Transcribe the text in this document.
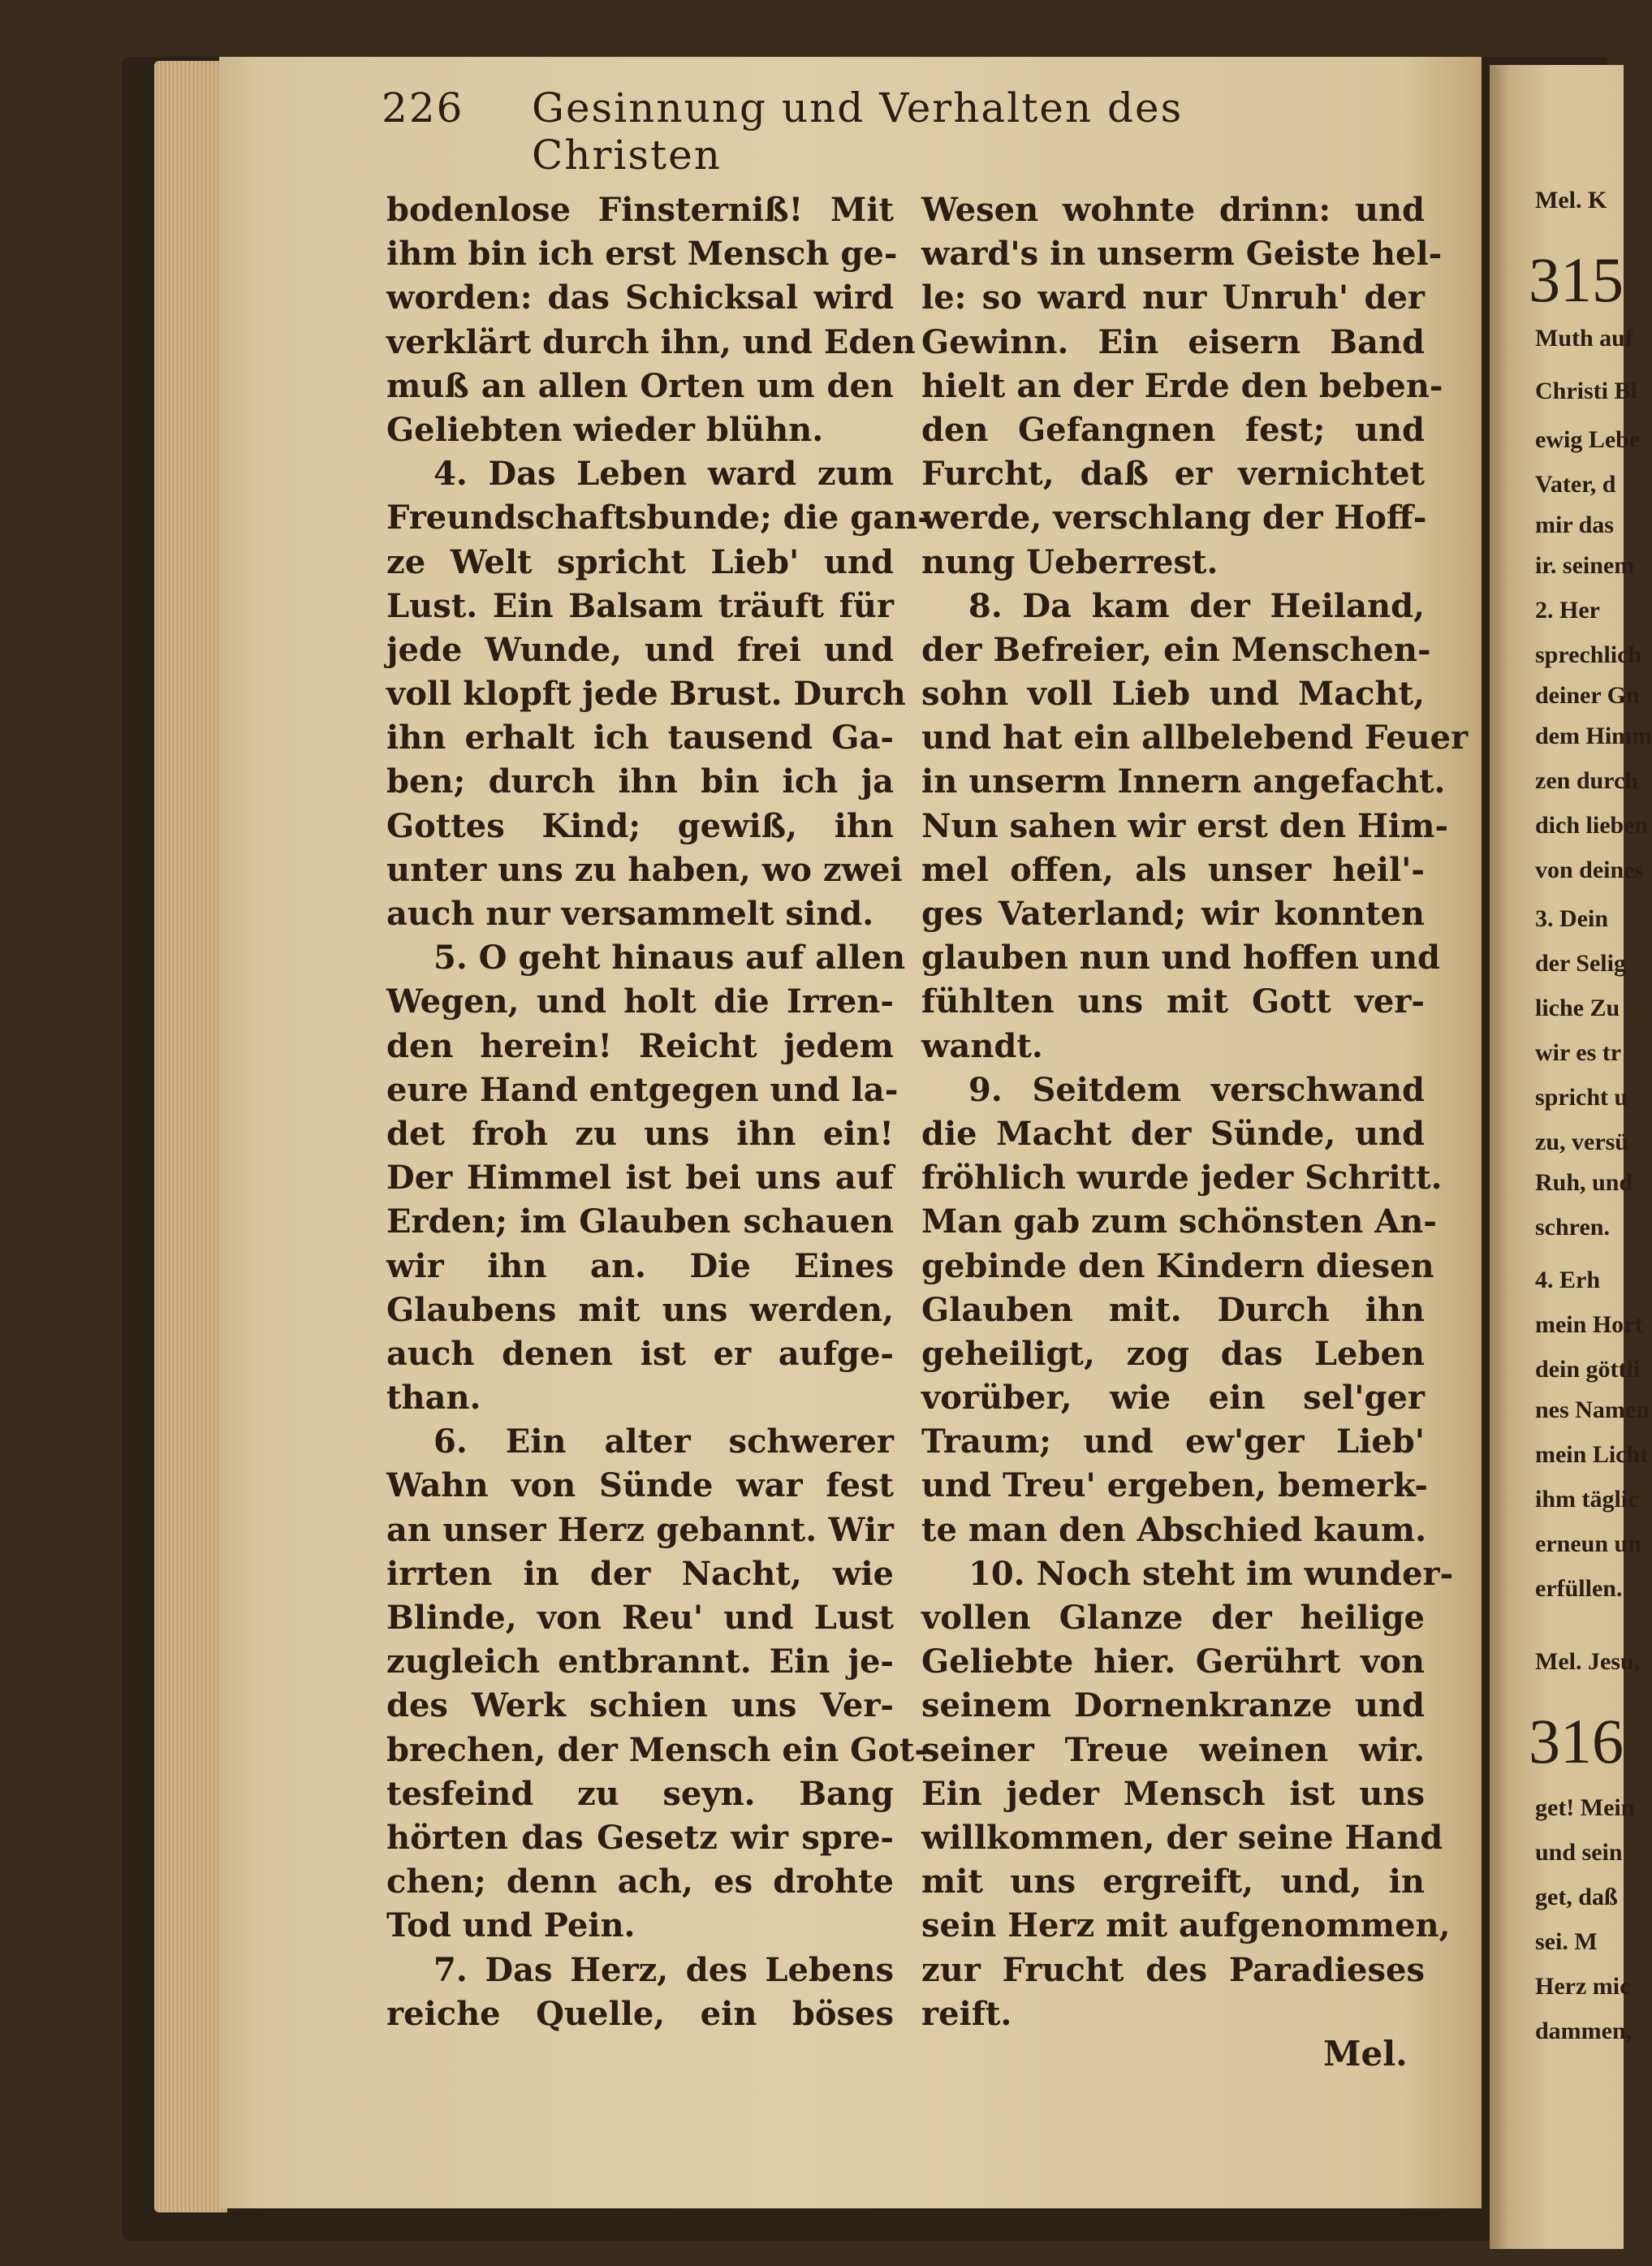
Mel. K
315
Muth auf
Christi Bl
ewig Lebe
Vater, d
mir das
ir. seinem
2. Her
sprechlich
deiner Gn
dem Himm
zen durch
dich lieben
von deines
3. Dein
der Selig
liche Zu
wir es tr
spricht u
zu, versü
Ruh, und
schren.
4. Erh
mein Hort
dein göttli
nes Namen
mein Licht
ihm täglic
erneun un
erfüllen.
Mel. Jesu,
316
get! Mein
und sein
get, daß
sei. M
Herz mic
dammen,
226 Gesinnung und Verhalten des Christen
bodenlose Finsterniß! Mit
ihm bin ich erst Mensch ge-
worden: das Schicksal wird
verklärt durch ihn, und Eden
muß an allen Orten um den
Geliebten wieder blühn.
4. Das Leben ward zum
Freundschaftsbunde; die gan-
ze Welt spricht Lieb' und
Lust. Ein Balsam träuft für
jede Wunde, und frei und
voll klopft jede Brust. Durch
ihn erhalt ich tausend Ga-
ben; durch ihn bin ich ja
Gottes Kind; gewiß, ihn
unter uns zu haben, wo zwei
auch nur versammelt sind.
5. O geht hinaus auf allen
Wegen, und holt die Irren-
den herein! Reicht jedem
eure Hand entgegen und la-
det froh zu uns ihn ein!
Der Himmel ist bei uns auf
Erden; im Glauben schauen
wir ihn an. Die Eines
Glaubens mit uns werden,
auch denen ist er aufge-
than.
6. Ein alter schwerer
Wahn von Sünde war fest
an unser Herz gebannt. Wir
irrten in der Nacht, wie
Blinde, von Reu' und Lust
zugleich entbrannt. Ein je-
des Werk schien uns Ver-
brechen, der Mensch ein Got-
tesfeind zu seyn. Bang
hörten das Gesetz wir spre-
chen; denn ach, es drohte
Tod und Pein.
7. Das Herz, des Lebens
reiche Quelle, ein böses
Wesen wohnte drinn: und
ward's in unserm Geiste hel-
le: so ward nur Unruh' der
Gewinn. Ein eisern Band
hielt an der Erde den beben-
den Gefangnen fest; und
Furcht, daß er vernichtet
werde, verschlang der Hoff-
nung Ueberrest.
8. Da kam der Heiland,
der Befreier, ein Menschen-
sohn voll Lieb und Macht,
und hat ein allbelebend Feuer
in unserm Innern angefacht.
Nun sahen wir erst den Him-
mel offen, als unser heil'-
ges Vaterland; wir konnten
glauben nun und hoffen und
fühlten uns mit Gott ver-
wandt.
9. Seitdem verschwand
die Macht der Sünde, und
fröhlich wurde jeder Schritt.
Man gab zum schönsten An-
gebinde den Kindern diesen
Glauben mit. Durch ihn
geheiligt, zog das Leben
vorüber, wie ein sel'ger
Traum; und ew'ger Lieb'
und Treu' ergeben, bemerk-
te man den Abschied kaum.
10. Noch steht im wunder-
vollen Glanze der heilige
Geliebte hier. Gerührt von
seinem Dornenkranze und
seiner Treue weinen wir.
Ein jeder Mensch ist uns
willkommen, der seine Hand
mit uns ergreift, und, in
sein Herz mit aufgenommen,
zur Frucht des Paradieses
reift.
Mel.
